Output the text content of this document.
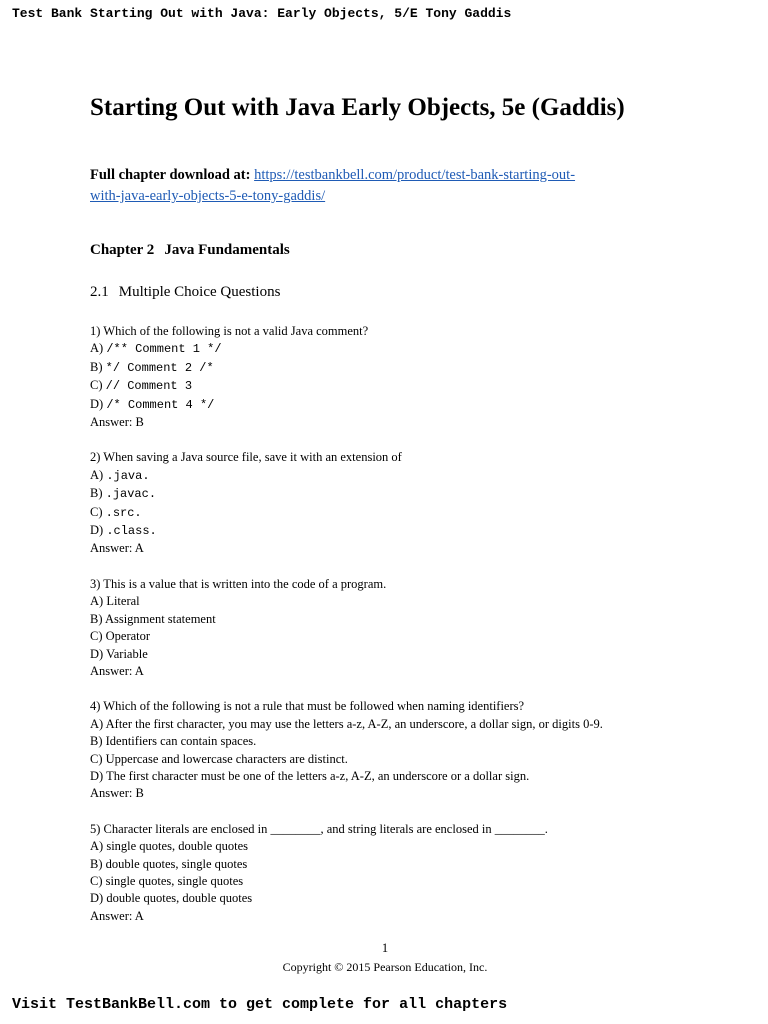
Test Bank Starting Out with Java: Early Objects, 5/E Tony Gaddis
Starting Out with Java Early Objects, 5e (Gaddis)
Full chapter download at: https://testbankbell.com/product/test-bank-starting-out-
with-java-early-objects-5-e-tony-gaddis/
Chapter 2 Java Fundamentals
2.1 Multiple Choice Questions
1) Which of the following is not a valid Java comment?
A) /** Comment 1 */
B) */ Comment 2 /*
C) // Comment 3
D) /* Comment 4 */
Answer: B
2) When saving a Java source file, save it with an extension of
A) .java.
B) .javac.
C) .src.
D) .class.
Answer: A
3) This is a value that is written into the code of a program.
A) Literal
B) Assignment statement
C) Operator
D) Variable
Answer: A
4) Which of the following is not a rule that must be followed when naming identifiers?
A) After the first character, you may use the letters a-z, A-Z, an underscore, a dollar sign, or digits 0-9.
B) Identifiers can contain spaces.
C) Uppercase and lowercase characters are distinct.
D) The first character must be one of the letters a-z, A-Z, an underscore or a dollar sign.
Answer: B
5) Character literals are enclosed in ________, and string literals are enclosed in ________.
A) single quotes, double quotes
B) double quotes, single quotes
C) single quotes, single quotes
D) double quotes, double quotes
Answer: A
1
Copyright © 2015 Pearson Education, Inc.
Visit TestBankBell.com to get complete for all chapters
